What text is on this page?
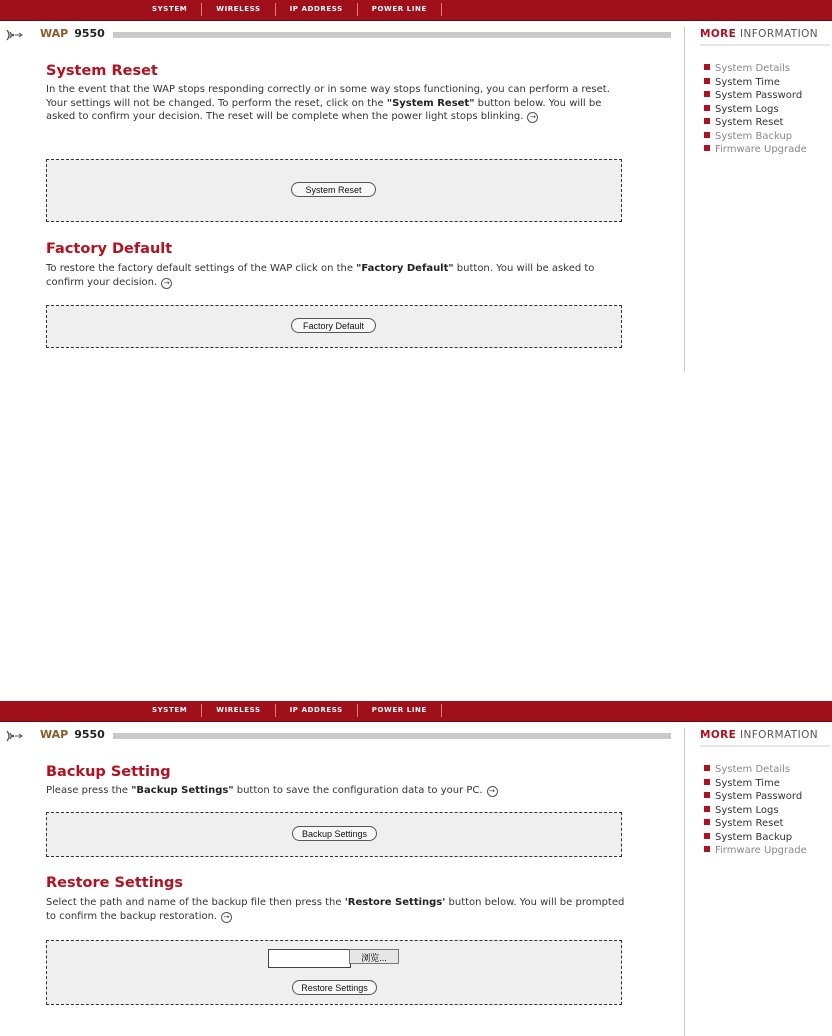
SYSTEM	WIRELESS	IP ADDRESS	POWER LINE
WAP 9550	MORE INFORMATION
System Details
System Time
System Password
System Logs
System Reset
System Backup
Firmware Upgrade
System Reset
In the event that the WAP stops responding correctly or in some way stops functioning, you can perform a reset. Your settings will not be changed. To perform the reset, click on the "System Reset" button below. You will be asked to confirm your decision. The reset will be complete when the power light stops blinking. →
System Reset
Factory Default
To restore the factory default settings of the WAP click on the "Factory Default" button. You will be asked to confirm your decision. →
Factory Default
SYSTEM	WIRELESS	IP ADDRESS	POWER LINE
WAP 9550	MORE INFORMATION
System Details
System Time
System Password
System Logs
System Reset
System Backup
Firmware Upgrade
Backup Setting
Please press the "Backup Settings" button to save the configuration data to your PC. →
Backup Settings
Restore Settings
Select the path and name of the backup file then press the 'Restore Settings' button below. You will be prompted to confirm the backup restoration. →
浏览...
Restore Settings
